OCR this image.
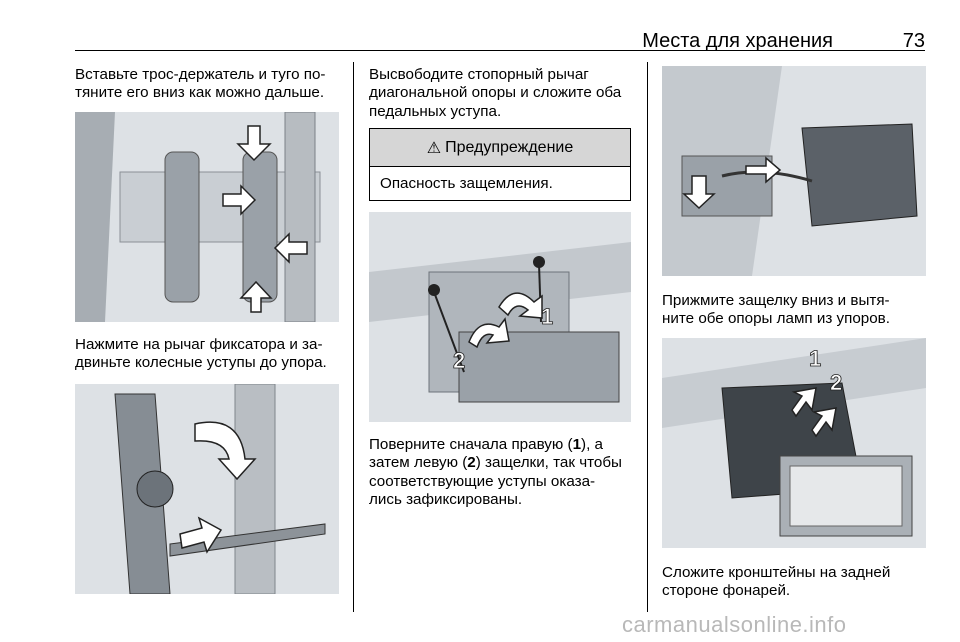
Места для хранения	73
Вставьте трос-держатель и туго по-
тяните его вниз как можно дальше.
Нажмите на рычаг фиксатора и за-
двиньте колесные уступы до упора.
Высвободите стопорный рычаг
диагональной опоры и сложите оба
педальных уступа.
⚠ Предупреждение
Опасность защемления.
1
2
Поверните сначала правую (1), а
затем левую (2) защелки, так чтобы
соответствующие уступы оказа-
лись зафиксированы.
Прижмите защелку вниз и вытя-
ните обе опоры ламп из упоров.
1
2
Сложите кронштейны на задней
стороне фонарей.
carmanualsonline.info
